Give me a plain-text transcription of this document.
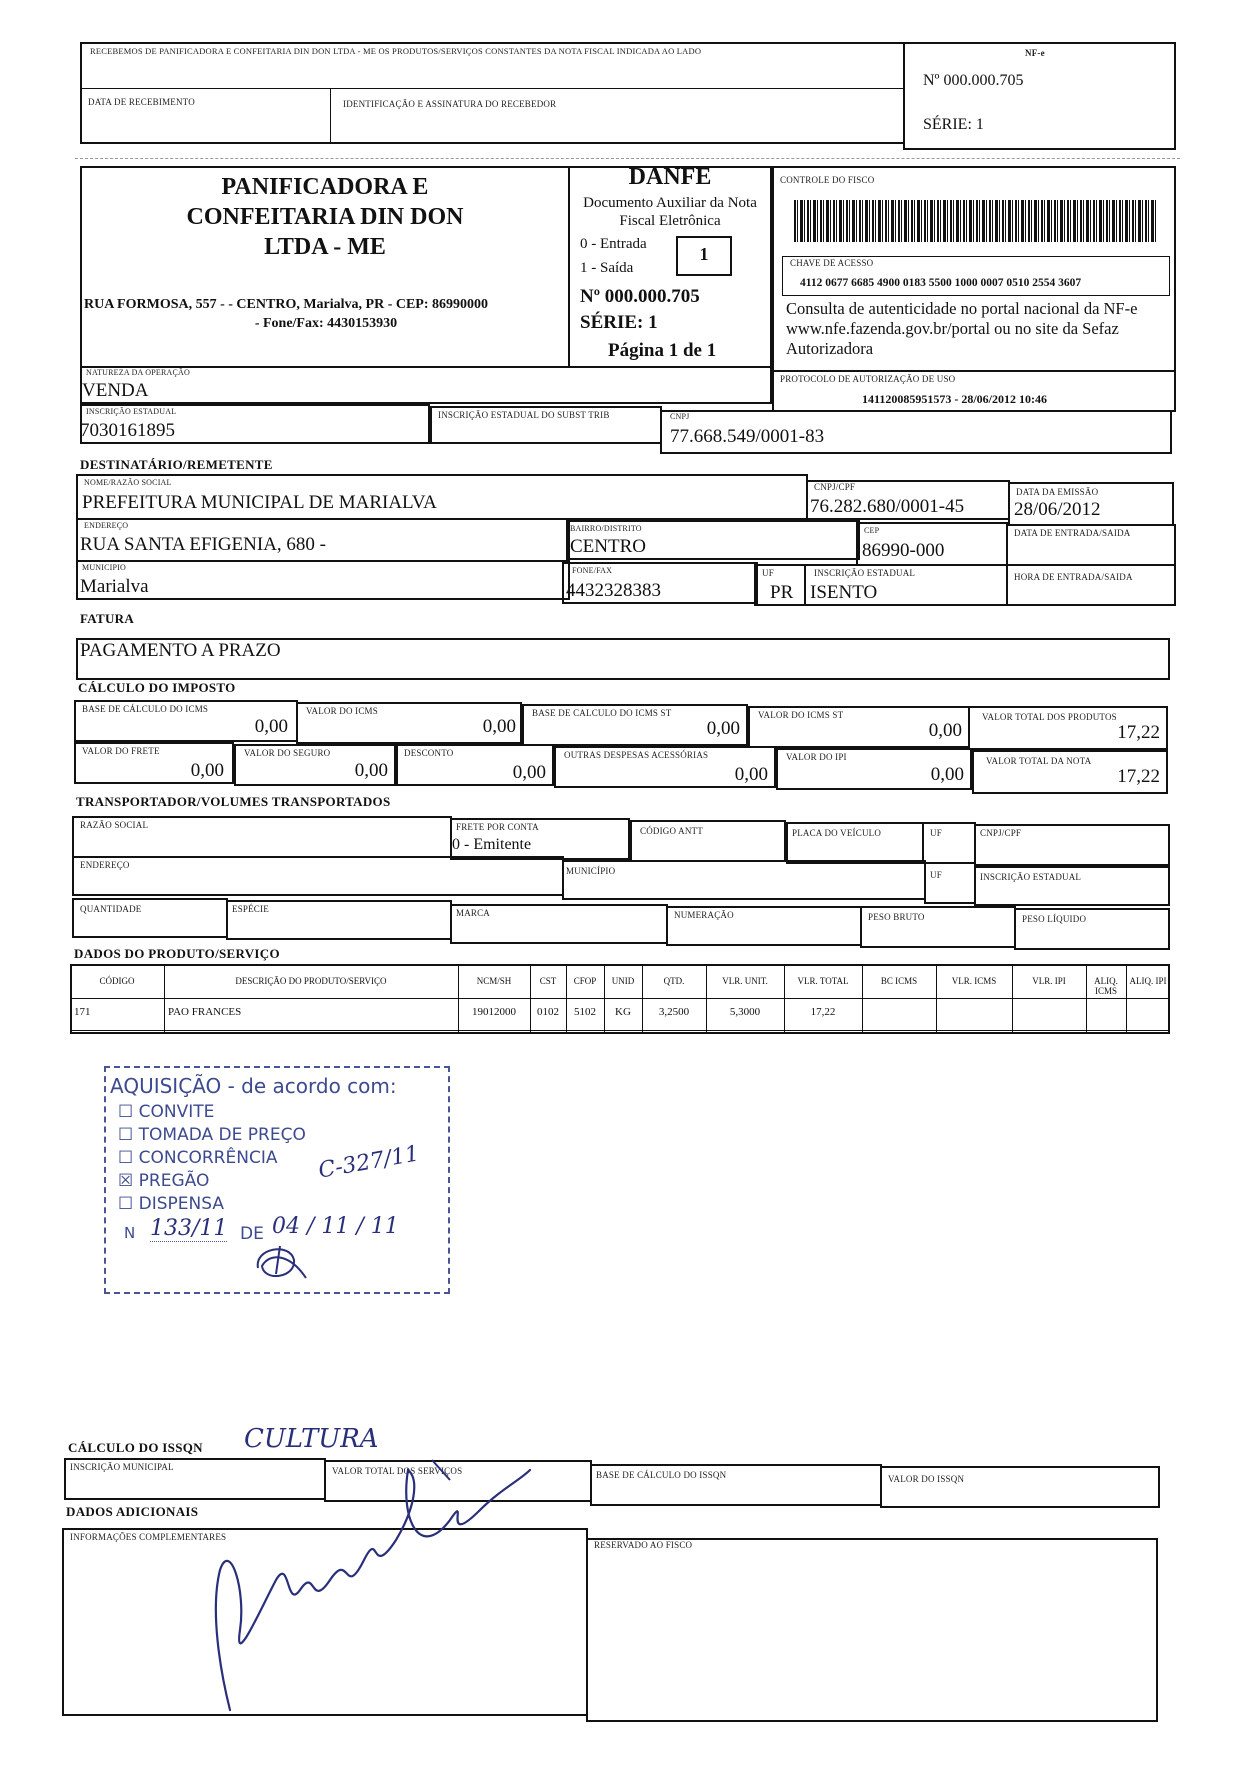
RECEBEMOS DE PANIFICADORA E CONFEITARIA DIN DON LTDA - ME OS PRODUTOS/SERVIÇOS CONSTANTES DA NOTA FISCAL INDICADA AO LADO
DATA DE RECEBIMENTO	IDENTIFICAÇÃO E ASSINATURA DO RECEBEDOR
NF-e
Nº 000.000.705
SÉRIE: 1
PANIFICADORA E CONFEITARIA DIN DON LTDA - ME
RUA FORMOSA, 557 - - CENTRO, Marialva, PR - CEP: 86990000
- Fone/Fax: 4430153930
DANFE
Documento Auxiliar da Nota Fiscal Eletrônica
0 - Entrada
1 - Saída
1
Nº 000.000.705
SÉRIE: 1
Página 1 de 1
CONTROLE DO FISCO
CHAVE DE ACESSO
4112 0677 6685 4900 0183 5500 1000 0007 0510 2554 3607
Consulta de autenticidade no portal nacional da NF-e www.nfe.fazenda.gov.br/portal ou no site da Sefaz Autorizadora
NATUREZA DA OPERAÇÃO
VENDA
PROTOCOLO DE AUTORIZAÇÃO DE USO
141120085951573 - 28/06/2012 10:46
INSCRIÇÃO ESTADUAL
7030161895
INSCRIÇÃO ESTADUAL DO SUBST TRIB	CNPJ
77.668.549/0001-83
DESTINATÁRIO/REMETENTE
NOME/RAZÃO SOCIAL
PREFEITURA MUNICIPAL DE MARIALVA
CNPJ/CPF
76.282.680/0001-45
DATA DA EMISSÃO
28/06/2012
ENDEREÇO
RUA SANTA EFIGENIA, 680 -
BAIRRO/DISTRITO
CENTRO
CEP
86990-000
DATA DE ENTRADA/SAIDA
MUNICIPIO
Marialva
FONE/FAX
4432328383
UF
PR
INSCRIÇÃO ESTADUAL
ISENTO
HORA DE ENTRADA/SAIDA
FATURA
PAGAMENTO A PRAZO
CÁLCULO DO IMPOSTO
BASE DE CÁLCULO DO ICMS
0,00
VALOR DO ICMS
0,00
BASE DE CALCULO DO ICMS ST
0,00
VALOR DO ICMS ST
0,00
VALOR TOTAL DOS PRODUTOS
17,22
VALOR DO FRETE
0,00
VALOR DO SEGURO
0,00
DESCONTO
0,00
OUTRAS DESPESAS ACESSÓRIAS
0,00
VALOR DO IPI
0,00
VALOR TOTAL DA NOTA
17,22
TRANSPORTADOR/VOLUMES TRANSPORTADOS
RAZÃO SOCIAL	FRETE POR CONTA
0 - Emitente
CÓDIGO ANTT	PLACA DO VEÍCULO	UF	CNPJ/CPF
ENDEREÇO
MUNICÍPIO	UF	INSCRIÇÃO ESTADUAL
QUANTIDADE	ESPÉCIE	MARCA	NUMERAÇÃO	PESO BRUTO	PESO LÍQUIDO
DADOS DO PRODUTO/SERVIÇO
CÓDIGO
171
DESCRIÇÃO DO PRODUTO/SERVIÇO
PAO FRANCES
NCM/SH
19012000
CST
0102
CFOP
5102
UNID
KG
QTD.
3,2500
VLR. UNIT.
5,3000
VLR. TOTAL
17,22
BC ICMS	VLR. ICMS	VLR. IPI	ALIQ. ICMS
ALIQ. IPI
AQUISIÇÃO - de acordo com:
☐ CONVITE
☐ TOMADA DE PREÇO
☐ CONCORRÊNCIA
☒ PREGÃO
☐ DISPENSA
C-327/11
N 133/11 DE 04 / 11 / 11
CÁLCULO DO ISSQN CULTURA
INSCRIÇÃO MUNICIPAL	VALOR TOTAL DOS SERVIÇOS	BASE DE CÁLCULO DO ISSQN	VALOR DO ISSQN
DADOS ADICIONAIS
INFORMAÇÕES COMPLEMENTARES
RESERVADO AO FISCO
